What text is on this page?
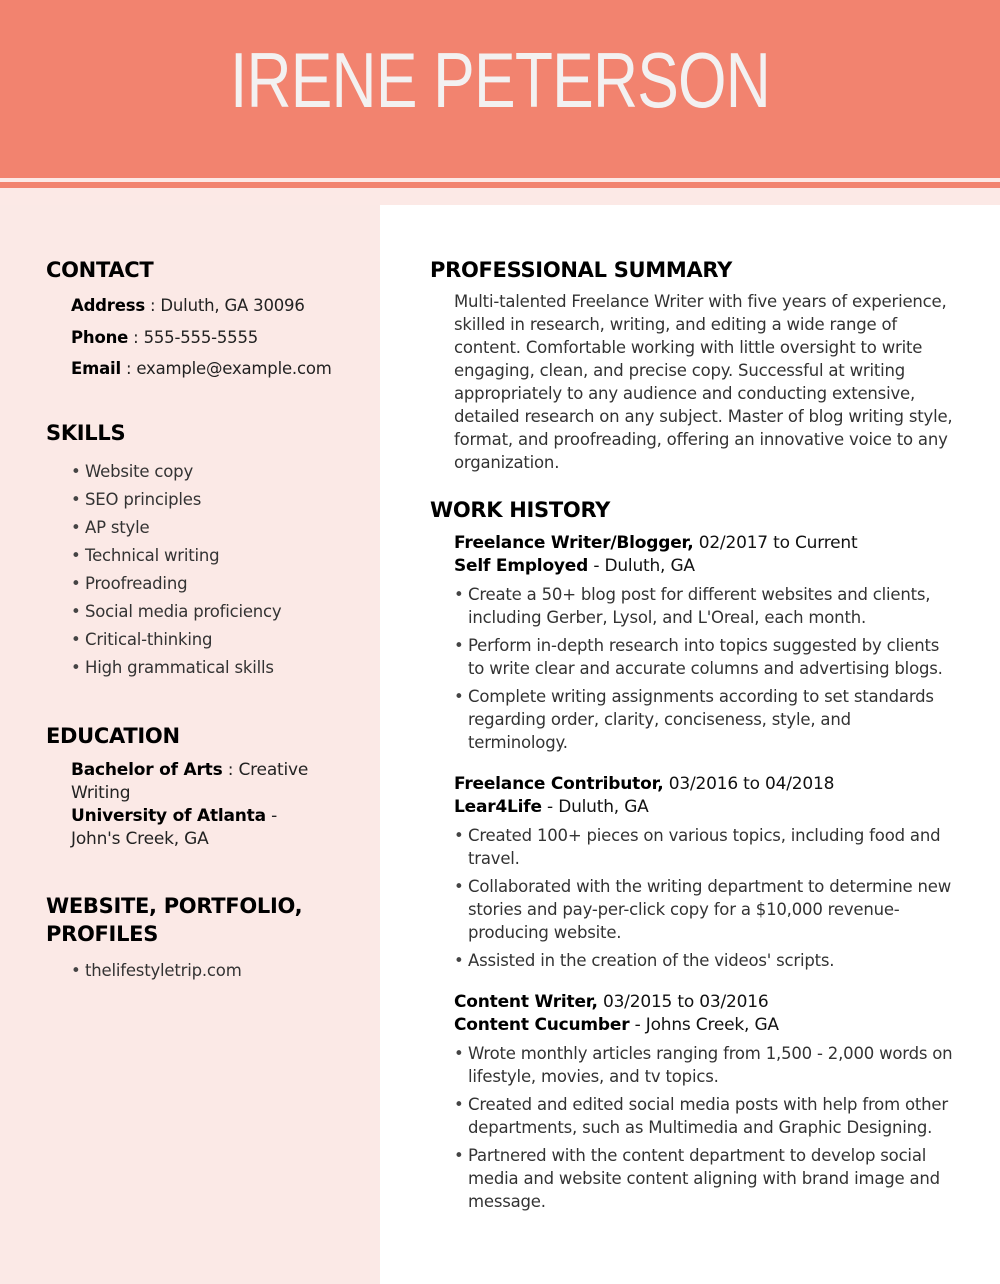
IRENE PETERSON
CONTACT
Address : Duluth, GA 30096
Phone : 555-555-5555
Email : example@example.com
SKILLS
• Website copy
• SEO principles
• AP style
• Technical writing
• Proofreading
• Social media proficiency
• Critical-thinking
• High grammatical skills
EDUCATION
Bachelor of Arts : Creative Writing
University of Atlanta - John's Creek, GA
WEBSITE, PORTFOLIO, PROFILES
• thelifestyletrip.com
PROFESSIONAL SUMMARY

Multi-talented Freelance Writer with five years of experience, skilled in research, writing, and editing a wide range of content. Comfortable working with little oversight to write engaging, clean, and precise copy. Successful at writing appropriately to any audience and conducting extensive, detailed research on any subject. Master of blog writing style, format, and proofreading, offering an innovative voice to any organization.

WORK HISTORY
Freelance Writer/Blogger, 02/2017 to Current
Self Employed - Duluth, GA
• Create a 50+ blog post for different websites and clients, including Gerber, Lysol, and L'Oreal, each month.
• Perform in-depth research into topics suggested by clients to write clear and accurate columns and advertising blogs.
• Complete writing assignments according to set standards regarding order, clarity, conciseness, style, and terminology.
Freelance Contributor, 03/2016 to 04/2018
Lear4Life - Duluth, GA
• Created 100+ pieces on various topics, including food and travel.
• Collaborated with the writing department to determine new stories and pay-per-click copy for a $10,000 revenue-producing website.
• Assisted in the creation of the videos' scripts.
Content Writer, 03/2015 to 03/2016
Content Cucumber - Johns Creek, GA
• Wrote monthly articles ranging from 1,500 - 2,000 words on lifestyle, movies, and tv topics.
• Created and edited social media posts with help from other departments, such as Multimedia and Graphic Designing.
• Partnered with the content department to develop social media and website content aligning with brand image and message.
